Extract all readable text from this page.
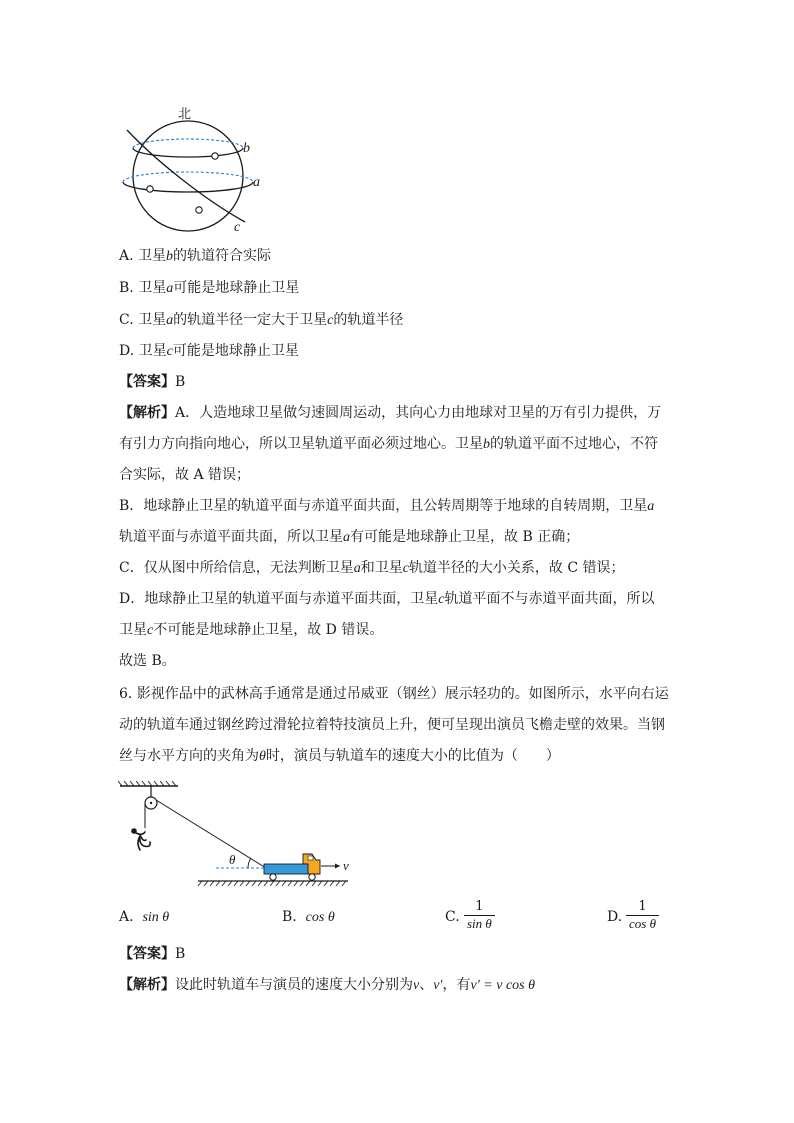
北
b
a
c
A. 卫星b的轨道符合实际
B. 卫星a可能是地球静止卫星
C. 卫星a的轨道半径一定大于卫星c的轨道半径
D. 卫星c可能是地球静止卫星
【答案】B
【解析】A．人造地球卫星做匀速圆周运动，其向心力由地球对卫星的万有引力提供，万
有引力方向指向地心，所以卫星轨道平面必须过地心。卫星b的轨道平面不过地心，不符
合实际，故 A 错误；
B．地球静止卫星的轨道平面与赤道平面共面，且公转周期等于地球的自转周期，卫星a
轨道平面与赤道平面共面，所以卫星a有可能是地球静止卫星，故 B 正确；
C．仅从图中所给信息，无法判断卫星a和卫星c轨道半径的大小关系，故 C 错误；
D．地球静止卫星的轨道平面与赤道平面共面，卫星c轨道平面不与赤道平面共面，所以
卫星c不可能是地球静止卫星，故 D 错误。
故选 B。
6. 影视作品中的武林高手通常是通过吊威亚（钢丝）展示轻功的。如图所示，水平向右运
动的轨道车通过钢丝跨过滑轮拉着特技演员上升，便可呈现出演员飞檐走壁的效果。当钢
丝与水平方向的夹角为θ时，演员与轨道车的速度大小的比值为（　　）
θ	v
A. sin θ	B. cos θ	C. $\frac{1}{\text{sin θ}}$	D. $\frac{1}{\text{cos θ}}$
【答案】B
【解析】设此时轨道车与演员的速度大小分别为v、v′，有v′ = v cos θ
